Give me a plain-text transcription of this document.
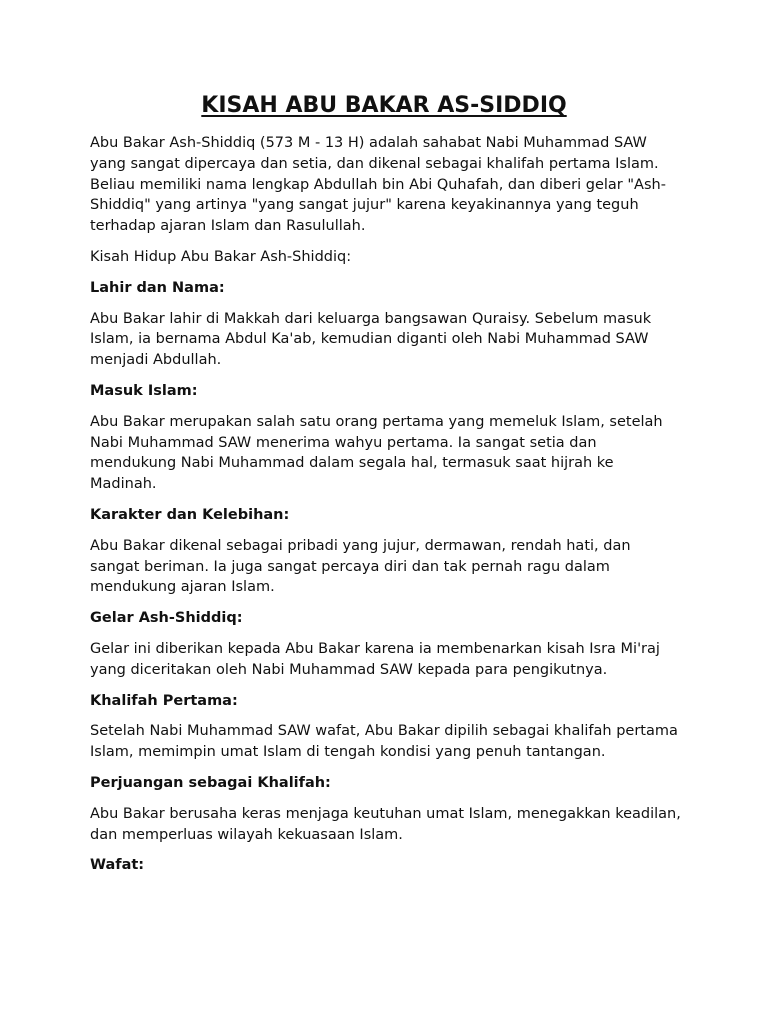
KISAH ABU BAKAR AS-SIDDIQ

Abu Bakar Ash-Shiddiq (573 M - 13 H) adalah sahabat Nabi Muhammad SAW yang sangat dipercaya dan setia, dan dikenal sebagai khalifah pertama Islam. Beliau memiliki nama lengkap Abdullah bin Abi Quhafah, dan diberi gelar "Ash-Shiddiq" yang artinya "yang sangat jujur" karena keyakinannya yang teguh terhadap ajaran Islam dan Rasulullah.

Kisah Hidup Abu Bakar Ash-Shiddiq:

Lahir dan Nama:

Abu Bakar lahir di Makkah dari keluarga bangsawan Quraisy. Sebelum masuk Islam, ia bernama Abdul Ka'ab, kemudian diganti oleh Nabi Muhammad SAW menjadi Abdullah.

Masuk Islam:

Abu Bakar merupakan salah satu orang pertama yang memeluk Islam, setelah Nabi Muhammad SAW menerima wahyu pertama. Ia sangat setia dan mendukung Nabi Muhammad dalam segala hal, termasuk saat hijrah ke Madinah.

Karakter dan Kelebihan:

Abu Bakar dikenal sebagai pribadi yang jujur, dermawan, rendah hati, dan sangat beriman. Ia juga sangat percaya diri dan tak pernah ragu dalam mendukung ajaran Islam.

Gelar Ash-Shiddiq:

Gelar ini diberikan kepada Abu Bakar karena ia membenarkan kisah Isra Mi'raj yang diceritakan oleh Nabi Muhammad SAW kepada para pengikutnya.

Khalifah Pertama:

Setelah Nabi Muhammad SAW wafat, Abu Bakar dipilih sebagai khalifah pertama Islam, memimpin umat Islam di tengah kondisi yang penuh tantangan.

Perjuangan sebagai Khalifah:

Abu Bakar berusaha keras menjaga keutuhan umat Islam, menegakkan keadilan, dan memperluas wilayah kekuasaan Islam.

Wafat:
